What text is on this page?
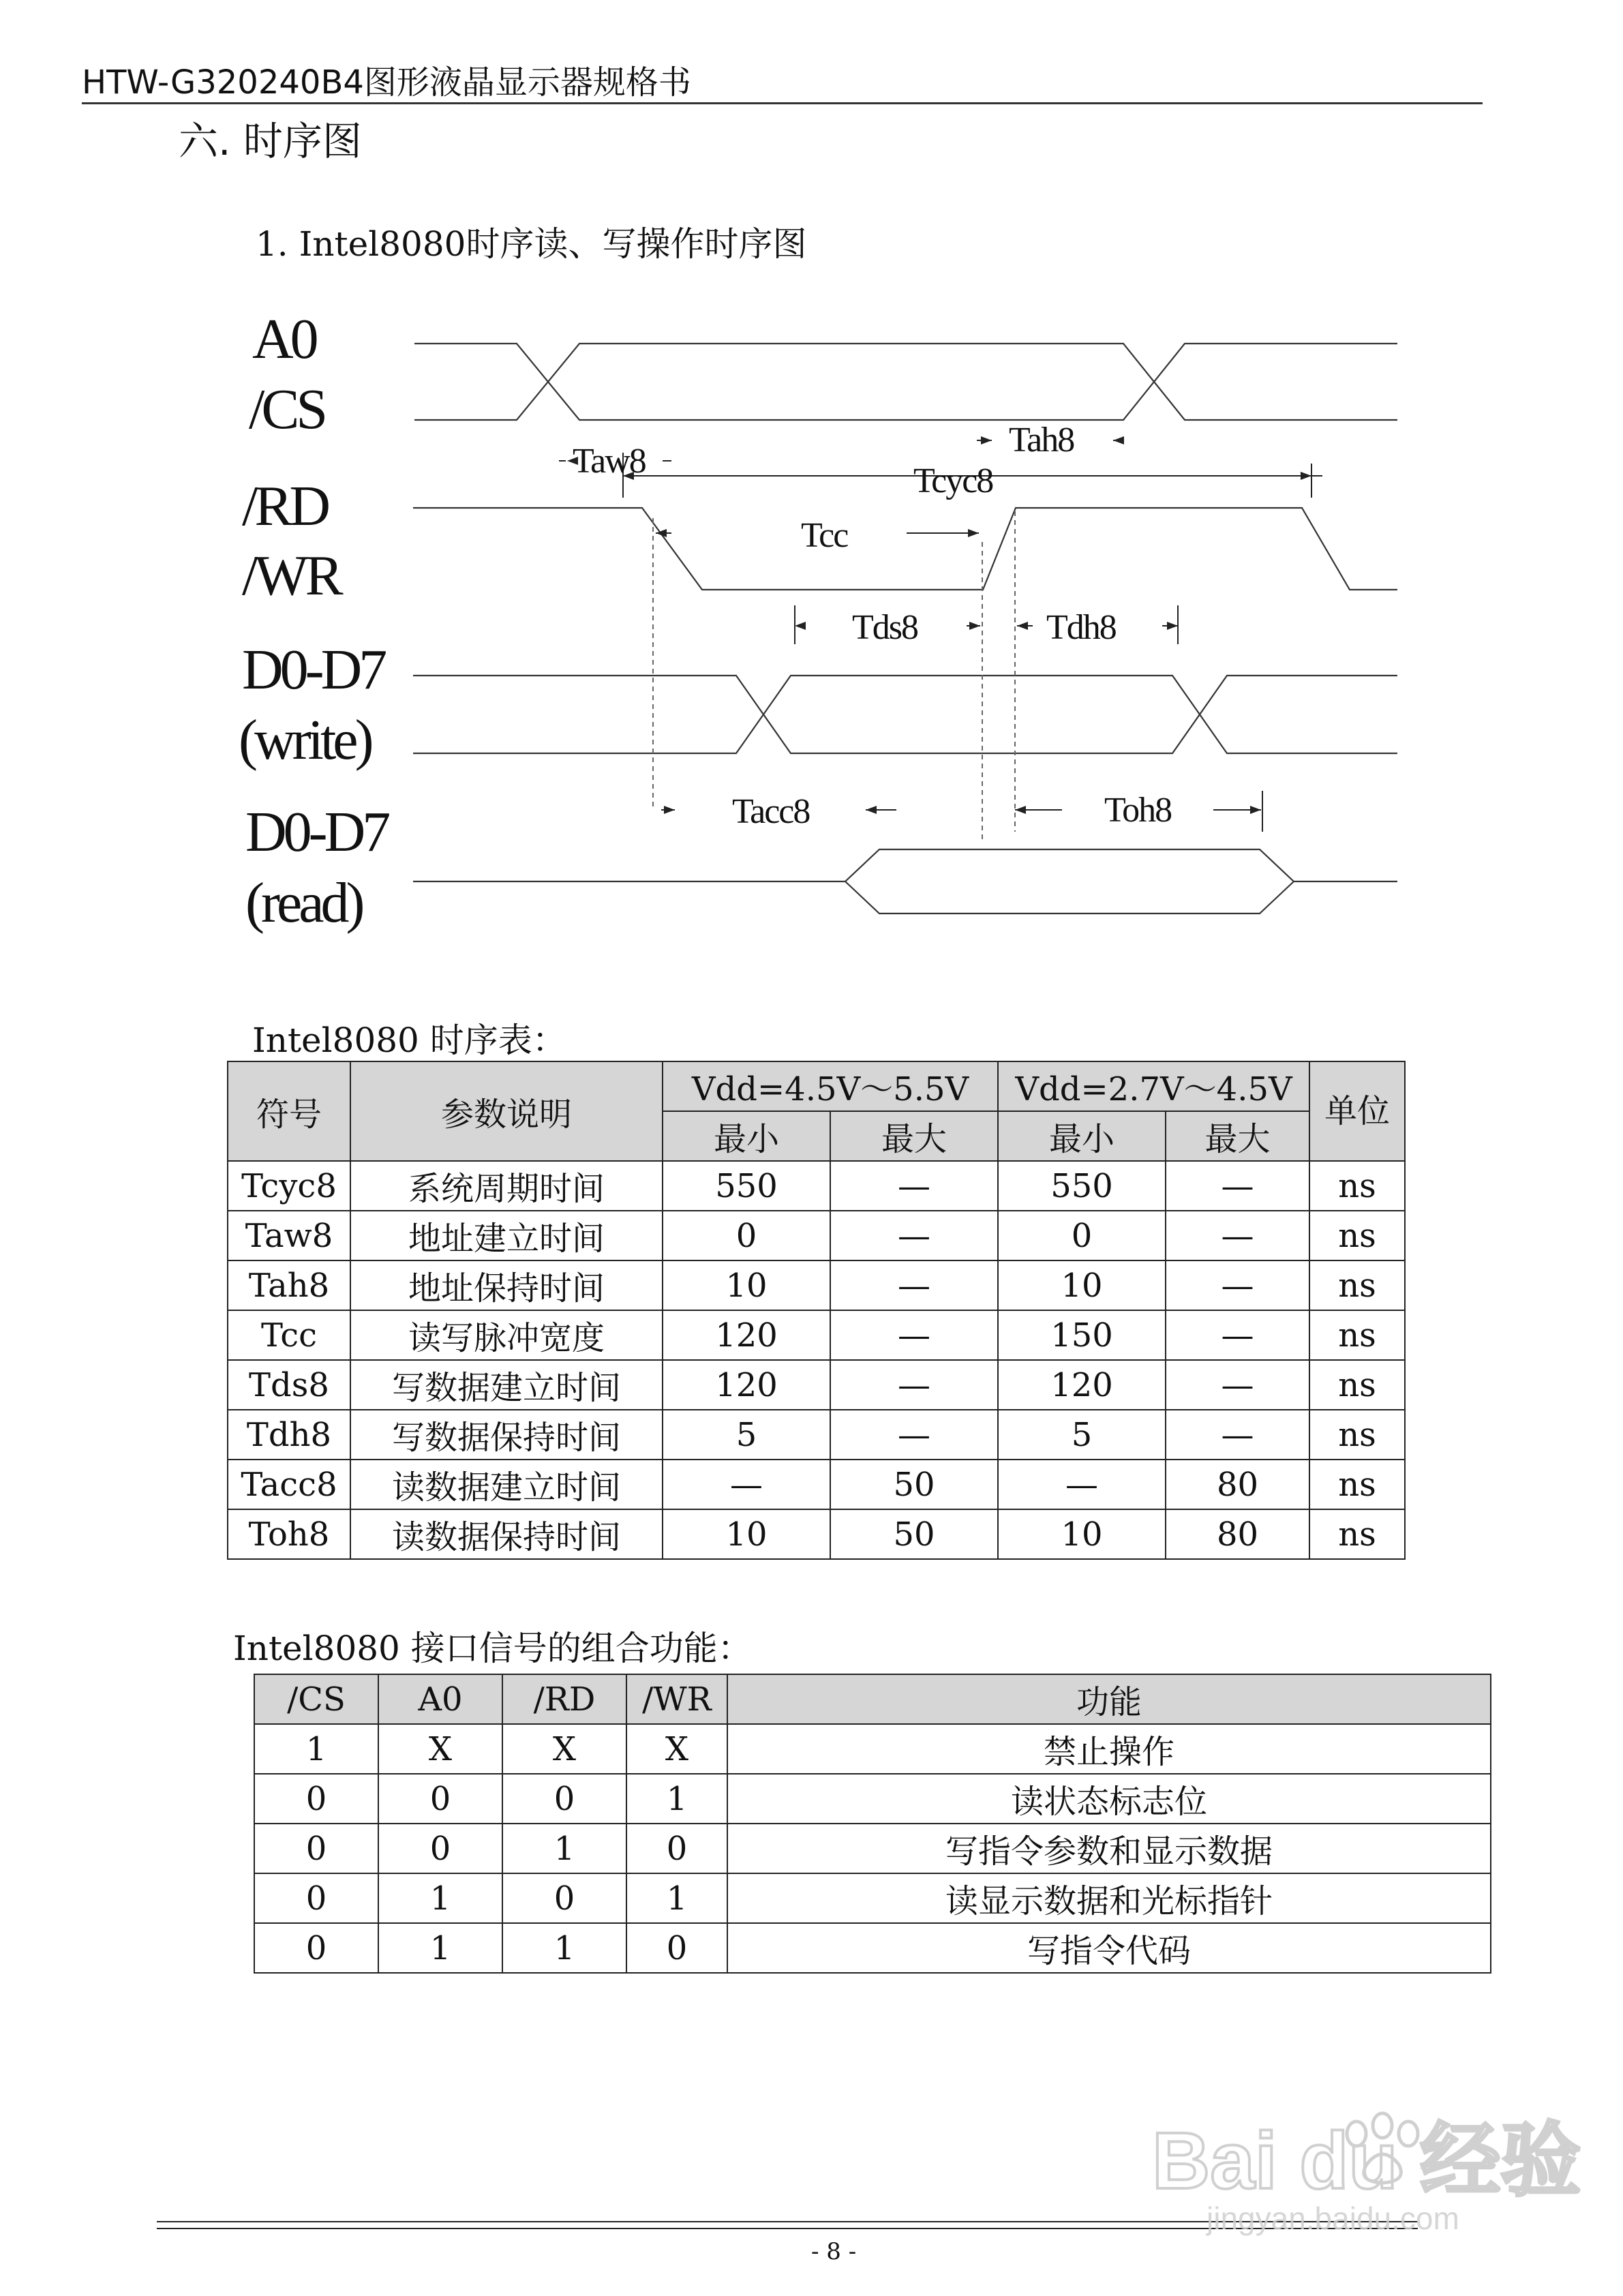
HTW-G320240B4图形液晶显示器规格书
六. 时序图
1. Intel8080时序读、写操作时序图
A0
/CS
/RD
/WR
D0-D7
(write)
D0-D7
(read)
Taw8
Tah8
Tcyc8
Tcc
Tds8	Tdh8
Tacc8	Toh8
Intel8080 时序表：
符号	参数说明	Vdd=4.5V～5.5V		Vdd=2.7V～4.5V		单位
		最小	最大	最小	最大	
Tcyc8	系统周期时间	550	—	550	—	ns
Taw8	地址建立时间	0	—	0	—	ns
Tah8	地址保持时间	10	—	10	—	ns
Tcc	读写脉冲宽度	120	—	150	—	ns
Tds8	写数据建立时间	120	—	120	—	ns
Tdh8	写数据保持时间	5	—	5	—	ns
Tacc8	读数据建立时间	—	50	—	80	ns
Toh8	读数据保持时间	10	50	10	80	ns
Intel8080 接口信号的组合功能：
/CS	A0	/RD	/WR	功能
1	X	X	X	禁止操作
0	0	0	1	读状态标志位
0	0	1	0	写指令参数和显示数据
0	1	0	1	读显示数据和光标指针
0	1	1	0	写指令代码
- 8 -
Bai du 经验
jingyan.baidu.com
